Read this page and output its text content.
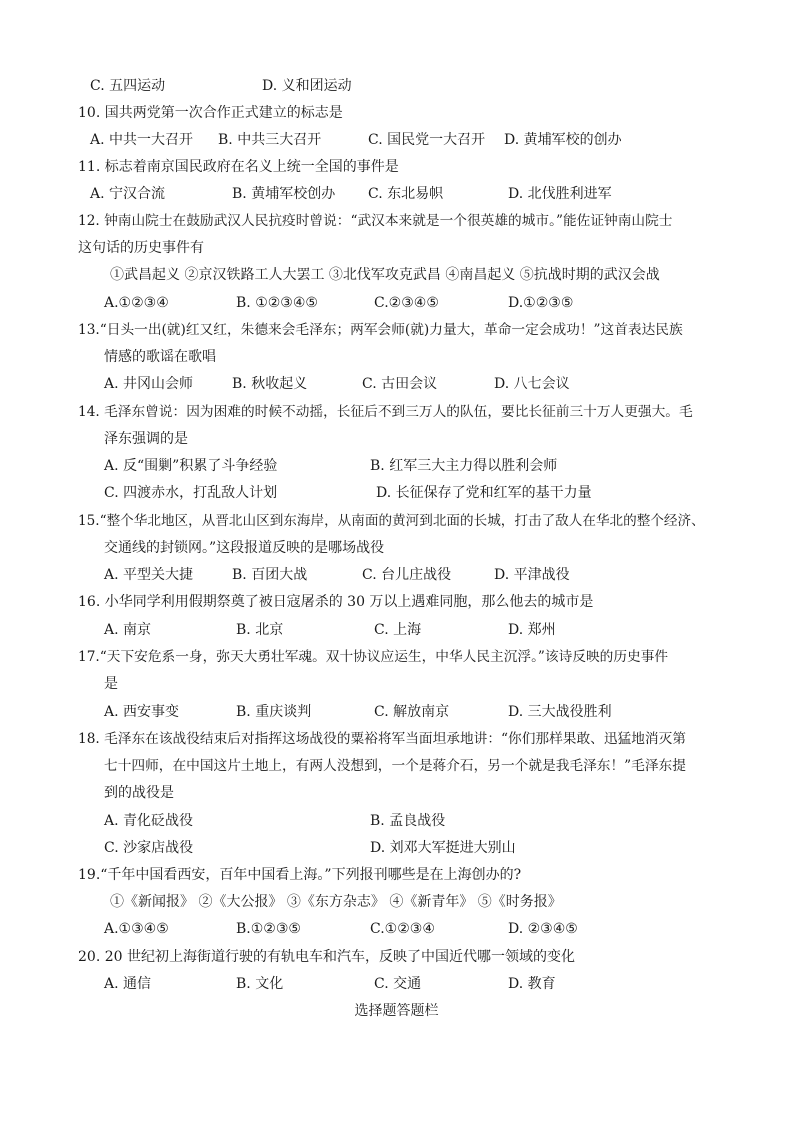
C. 五四运动	D. 义和团运动
10. 国共两党第一次合作正式建立的标志是
A. 中共一大召开 B. 中共三大召开	C. 国民党一大召开 D. 黄埔军校的创办
11. 标志着南京国民政府在名义上统一全国的事件是
A. 宁汉合流	B. 黄埔军校创办 C. 东北易帜	D. 北伐胜利进军
12. 钟南山院士在鼓励武汉人民抗疫时曾说：“武汉本来就是一个很英雄的城市。”能佐证钟南山院士
这句话的历史事件有
①武昌起义 ②京汉铁路工人大罢工 ③北伐军攻克武昌 ④南昌起义 ⑤抗战时期的武汉会战
A.①②③④	B. ①②③④⑤	C.②③④⑤	D.①②③⑤
13.“日头一出(就)红又红，朱德来会毛泽东；两军会师(就)力量大，革命一定会成功！”这首表达民族
情感的歌谣在歌唱
A. 井冈山会师	B. 秋收起义	C. 古田会议	D. 八七会议
14. 毛泽东曾说：因为困难的时候不动摇，长征后不到三万人的队伍，要比长征前三十万人更强大。毛
泽东强调的是
A. 反“围剿”积累了斗争经验	B. 红军三大主力得以胜利会师
C. 四渡赤水，打乱敌人计划	D. 长征保存了党和红军的基干力量
15.“整个华北地区，从晋北山区到东海岸，从南面的黄河到北面的长城，打击了敌人在华北的整个经济、
交通线的封锁网。”这段报道反映的是哪场战役
A. 平型关大捷	B. 百团大战	C. 台儿庄战役	D. 平津战役
16. 小华同学利用假期祭奠了被日寇屠杀的 30 万以上遇难同胞，那么他去的城市是
A. 南京	B. 北京	C. 上海	D. 郑州
17.“天下安危系一身，弥天大勇壮军魂。双十协议应运生，中华人民主沉浮。”该诗反映的历史事件
是
A. 西安事变	B. 重庆谈判	C. 解放南京	D. 三大战役胜利
18. 毛泽东在该战役结束后对指挥这场战役的粟裕将军当面坦承地讲：“你们那样果敢、迅猛地消灭第
七十四师，在中国这片土地上，有两人没想到，一个是蒋介石，另一个就是我毛泽东！”毛泽东提
到的战役是
A. 青化砭战役	B. 孟良战役
C. 沙家店战役	D. 刘邓大军挺进大别山
19.“千年中国看西安，百年中国看上海。”下列报刊哪些是在上海创办的?
①《新闻报》 ②《大公报》 ③《东方杂志》 ④《新青年》 ⑤《时务报》
A.①③④⑤	B.①②③⑤	C.①②③④	D. ②③④⑤
20. 20 世纪初上海街道行驶的有轨电车和汽车，反映了中国近代哪一领域的变化
A. 通信	B. 文化	C. 交通	D. 教育
选择题答题栏
